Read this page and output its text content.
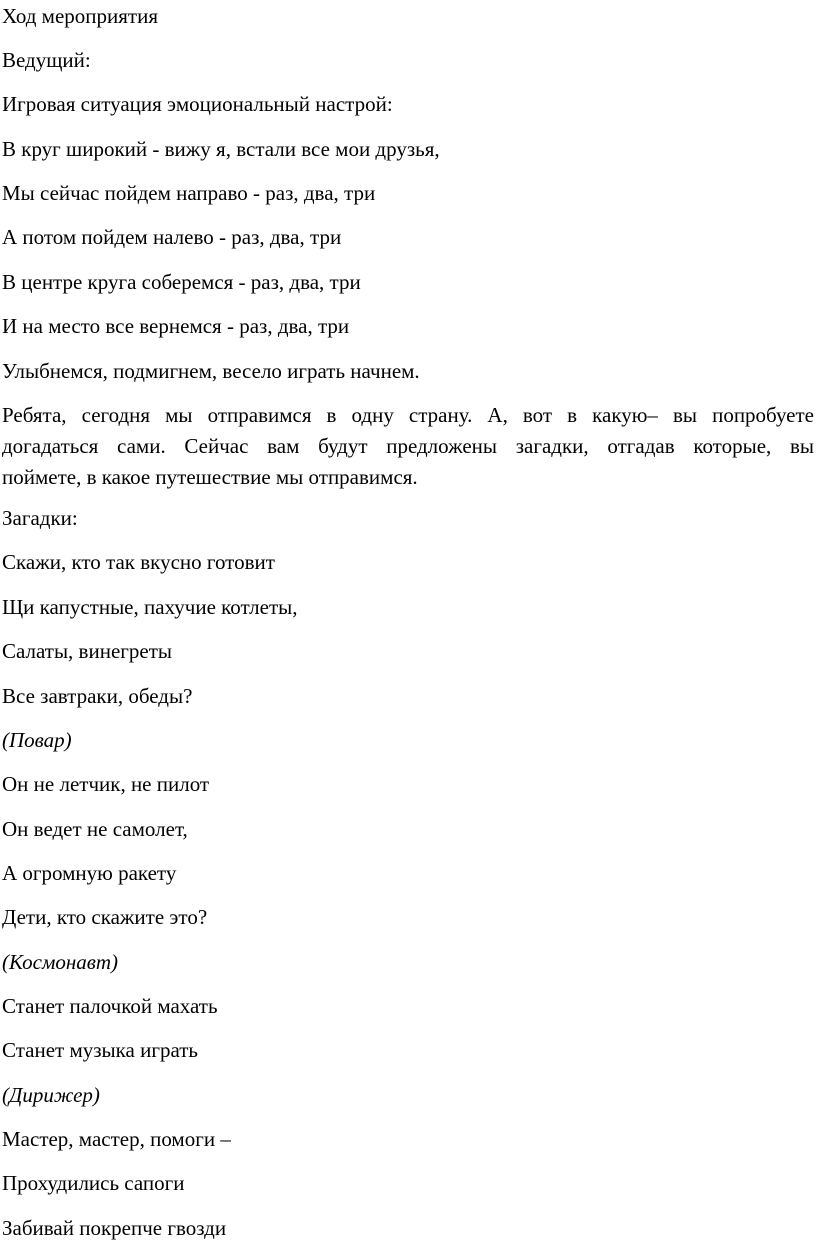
Ход мероприятия

Ведущий:

Игровая ситуация эмоциональный настрой:

В круг широкий - вижу я, встали все мои друзья,

Мы сейчас пойдем направо - раз, два, три

А потом пойдем налево - раз, два, три

В центре круга соберемся - раз, два, три

И на место все вернемся - раз, два, три

Улыбнемся, подмигнем, весело играть начнем.

Ребята, сегодня мы отправимся в одну страну. А, вот в какую– вы попробуете
догадаться сами. Сейчас вам будут предложены загадки, отгадав которые, вы
поймете, в какое путешествие мы отправимся.

Загадки:

Скажи, кто так вкусно готовит

Щи капустные, пахучие котлеты,

Салаты, винегреты

Все завтраки, обеды?

(Повар)

Он не летчик, не пилот

Он ведет не самолет,

А огромную ракету

Дети, кто скажите это?

(Космонавт)

Станет палочкой махать

Станет музыка играть

(Дирижер)

Мастер, мастер, помоги –

Прохудились сапоги

Забивай покрепче гвозди
